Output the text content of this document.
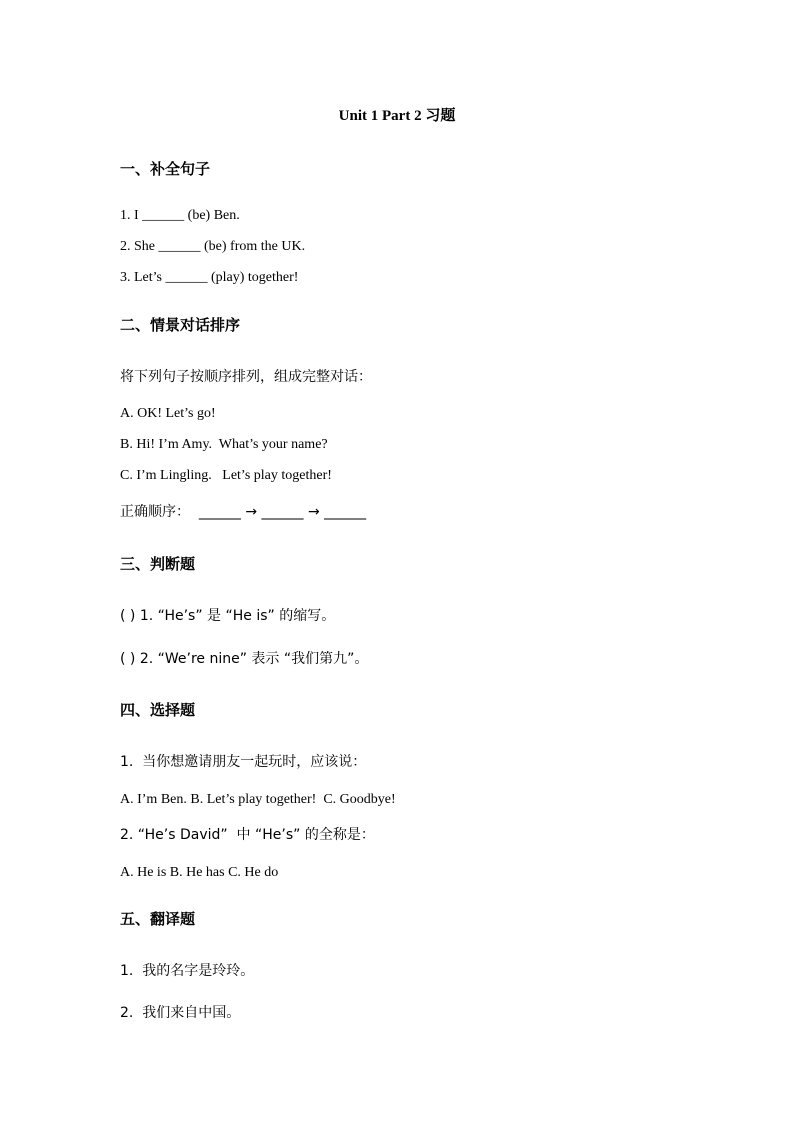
Unit 1 Part 2 习题
一、补全句子
1. I ______ (be) Ben.
2. She ______ (be) from the UK.
3. Let’s ______ (play) together!
二、情景对话排序
将下列句子按顺序排列，组成完整对话：
A. OK! Let’s go!
B. Hi! I’m Amy.  What’s your name?
C. I’m Lingling.   Let’s play together!
正确顺序：  ______ → ______ → ______
三、判断题
( ) 1. “He’s” 是 “He is” 的缩写。
( ) 2. “We’re nine” 表示 “我们第九”。
四、选择题
1.  当你想邀请朋友一起玩时，应该说：
A. I’m Ben. B. Let’s play together!  C. Goodbye!
2. “He’s David”  中 “He’s” 的全称是：
A. He is B. He has C. He do
五、翻译题
1.  我的名字是玲玲。
2.  我们来自中国。
